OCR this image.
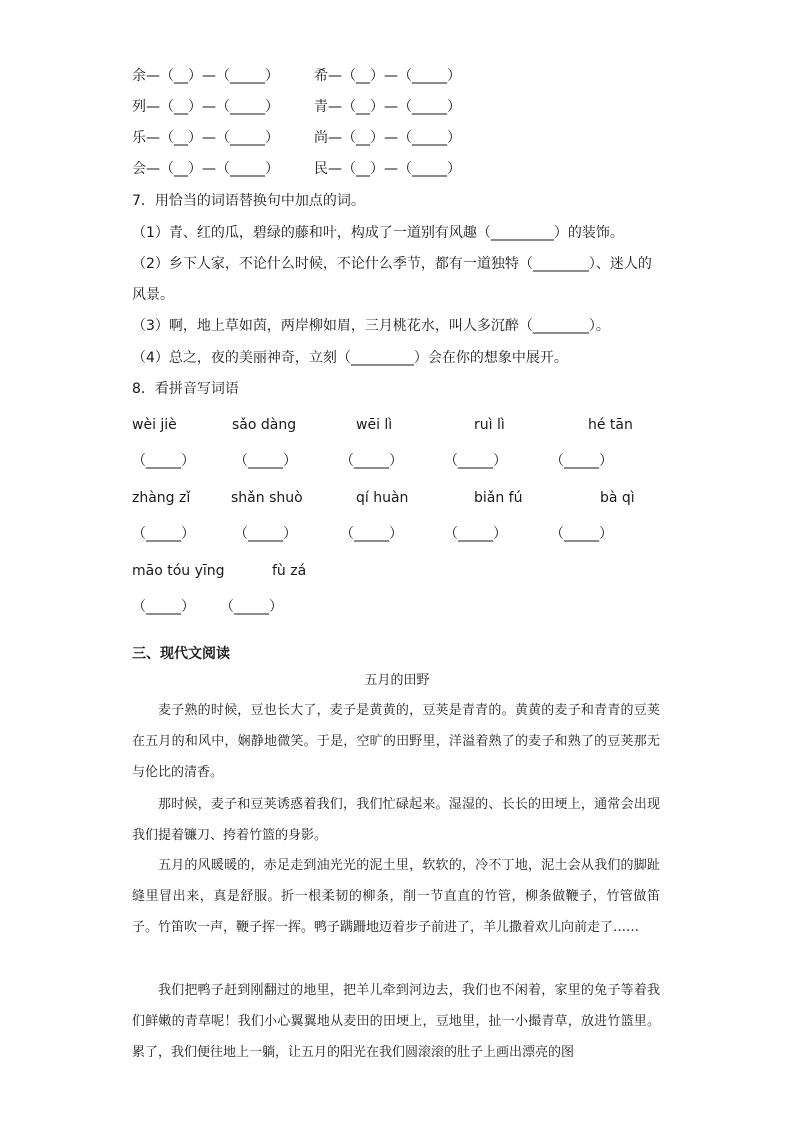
余—（__）—（_____）	希—（__）—（_____）
列—（__）—（_____）	青—（__）—（_____）
乐—（__）—（_____）	尚—（__）—（_____）
会—（__）—（_____）	民—（__）—（_____）
7．用恰当的词语替换句中加点的词。
（1）青、红的瓜，碧绿的藤和叶，构成了一道别有风趣（_________）的装饰。
（2）乡下人家，不论什么时候，不论什么季节，都有一道独特（________）、迷人的
风景。
（3）啊，地上草如茵，两岸柳如眉，三月桃花水，叫人多沉醉（________）。
（4）总之，夜的美丽神奇，立刻（_________）会在你的想象中展开。
8．看拼音写词语
wèi jiè	sǎo dàng	wēi lì	ruì lì	hé tān
（_____）	（_____）	（_____）	（_____）	（_____）
zhàng zǐ	shǎn shuò	qí huàn	biǎn fú	bà qì
（_____）	（_____）	（_____）	（_____）	（_____）
māo tóu yīng	fù zá
（_____） （_____）
三、现代文阅读
五月的田野
麦子熟的时候，豆也长大了，麦子是黄黄的，豆荚是青青的。黄黄的麦子和青青的豆荚在五月的和风中，娴静地微笑。于是，空旷的田野里，洋溢着熟了的麦子和熟了的豆荚那无与伦比的清香。
那时候，麦子和豆荚诱惑着我们，我们忙碌起来。湿湿的、长长的田埂上，通常会出现我们提着镰刀、挎着竹篮的身影。
五月的风暖暖的，赤足走到油光光的泥土里，软软的，冷不丁地，泥土会从我们的脚趾缝里冒出来，真是舒服。折一根柔韧的柳条，削一节直直的竹管，柳条做鞭子，竹管做笛子。竹笛吹一声，鞭子挥一挥。鸭子蹒跚地迈着步子前进了，羊儿撒着欢儿向前走了……
我们把鸭子赶到刚翻过的地里，把羊儿牵到河边去，我们也不闲着，家里的兔子等着我们鲜嫩的青草呢！我们小心翼翼地从麦田的田埂上，豆地里，扯一小撮青草，放进竹篮里。累了，我们便往地上一躺，让五月的阳光在我们圆滚滚的肚子上画出漂亮的图
